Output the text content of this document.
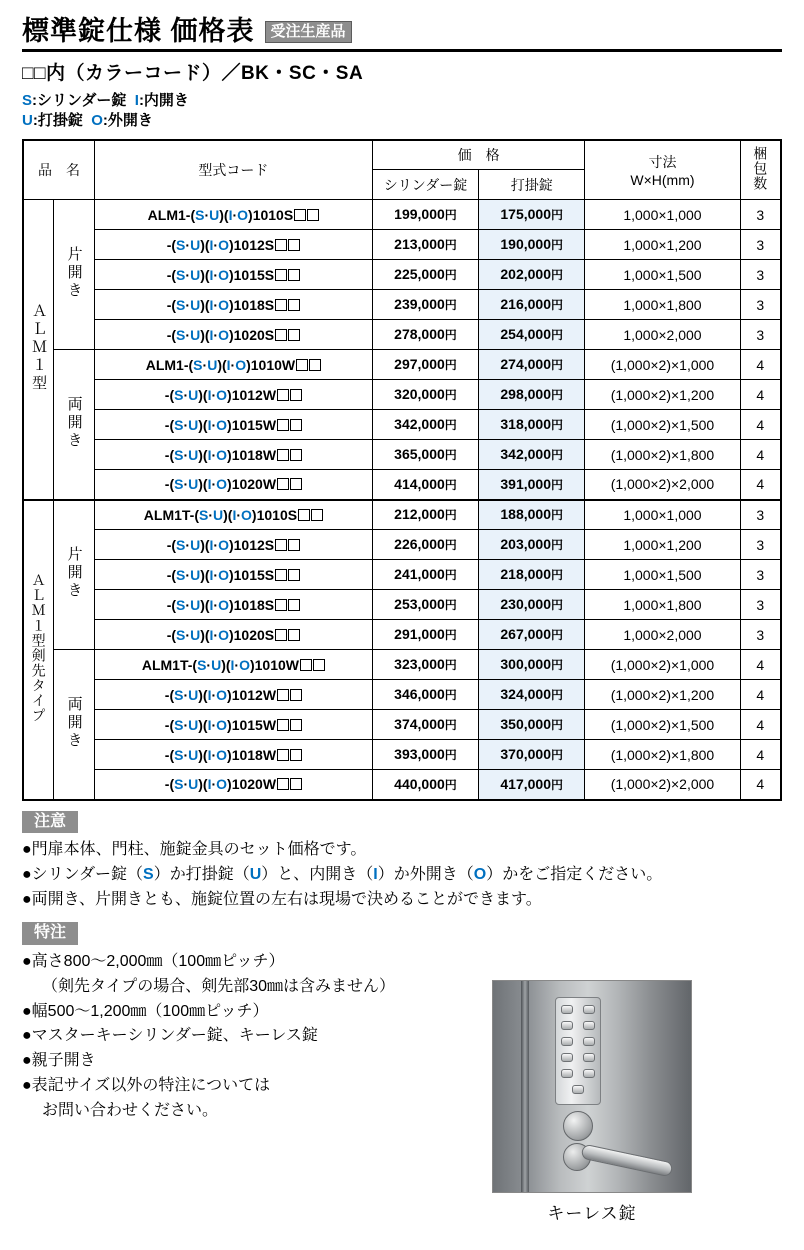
標準錠仕様 価格表	受注生産品
□□内（カラーコード）／BK・SC・SA
S:シリンダー錠 I:内開き
U:打掛錠 O:外開き
品　名		型式コード	価　格		寸法
W×H(mm)	梱包数
			シリンダー錠	打掛錠		
ＡＬＭ１型	片開き	ALM1-(S·U)(I·O)1010S	199,000円	175,000円	1,000×1,000	3
		-(S·U)(I·O)1012S	213,000円	190,000円	1,000×1,200	3
		-(S·U)(I·O)1015S	225,000円	202,000円	1,000×1,500	3
		-(S·U)(I·O)1018S	239,000円	216,000円	1,000×1,800	3
		-(S·U)(I·O)1020S	278,000円	254,000円	1,000×2,000	3
	両開き	ALM1-(S·U)(I·O)1010W	297,000円	274,000円	(1,000×2)×1,000	4
		-(S·U)(I·O)1012W	320,000円	298,000円	(1,000×2)×1,200	4
		-(S·U)(I·O)1015W	342,000円	318,000円	(1,000×2)×1,500	4
		-(S·U)(I·O)1018W	365,000円	342,000円	(1,000×2)×1,800	4
		-(S·U)(I·O)1020W	414,000円	391,000円	(1,000×2)×2,000	4
ＡＬＭ１型剣先タイプ	片開き	ALM1T-(S·U)(I·O)1010S	212,000円	188,000円	1,000×1,000	3
		-(S·U)(I·O)1012S	226,000円	203,000円	1,000×1,200	3
		-(S·U)(I·O)1015S	241,000円	218,000円	1,000×1,500	3
		-(S·U)(I·O)1018S	253,000円	230,000円	1,000×1,800	3
		-(S·U)(I·O)1020S	291,000円	267,000円	1,000×2,000	3
	両開き	ALM1T-(S·U)(I·O)1010W	323,000円	300,000円	(1,000×2)×1,000	4
		-(S·U)(I·O)1012W	346,000円	324,000円	(1,000×2)×1,200	4
		-(S·U)(I·O)1015W	374,000円	350,000円	(1,000×2)×1,500	4
		-(S·U)(I·O)1018W	393,000円	370,000円	(1,000×2)×1,800	4
		-(S·U)(I·O)1020W	440,000円	417,000円	(1,000×2)×2,000	4
注意
●門扉本体、門柱、施錠金具のセット価格です。
●シリンダー錠（S）か打掛錠（U）と、内開き（I）か外開き（O）かをご指定ください。
●両開き、片開きとも、施錠位置の左右は現場で決めることができます。
特注
●高さ800〜2,000㎜（100㎜ピッチ）
（剣先タイプの場合、剣先部30㎜は含みません）
●幅500〜1,200㎜（100㎜ピッチ）
●マスターキーシリンダー錠、キーレス錠
●親子開き
●表記サイズ以外の特注については
お問い合わせください。
キーレス錠
